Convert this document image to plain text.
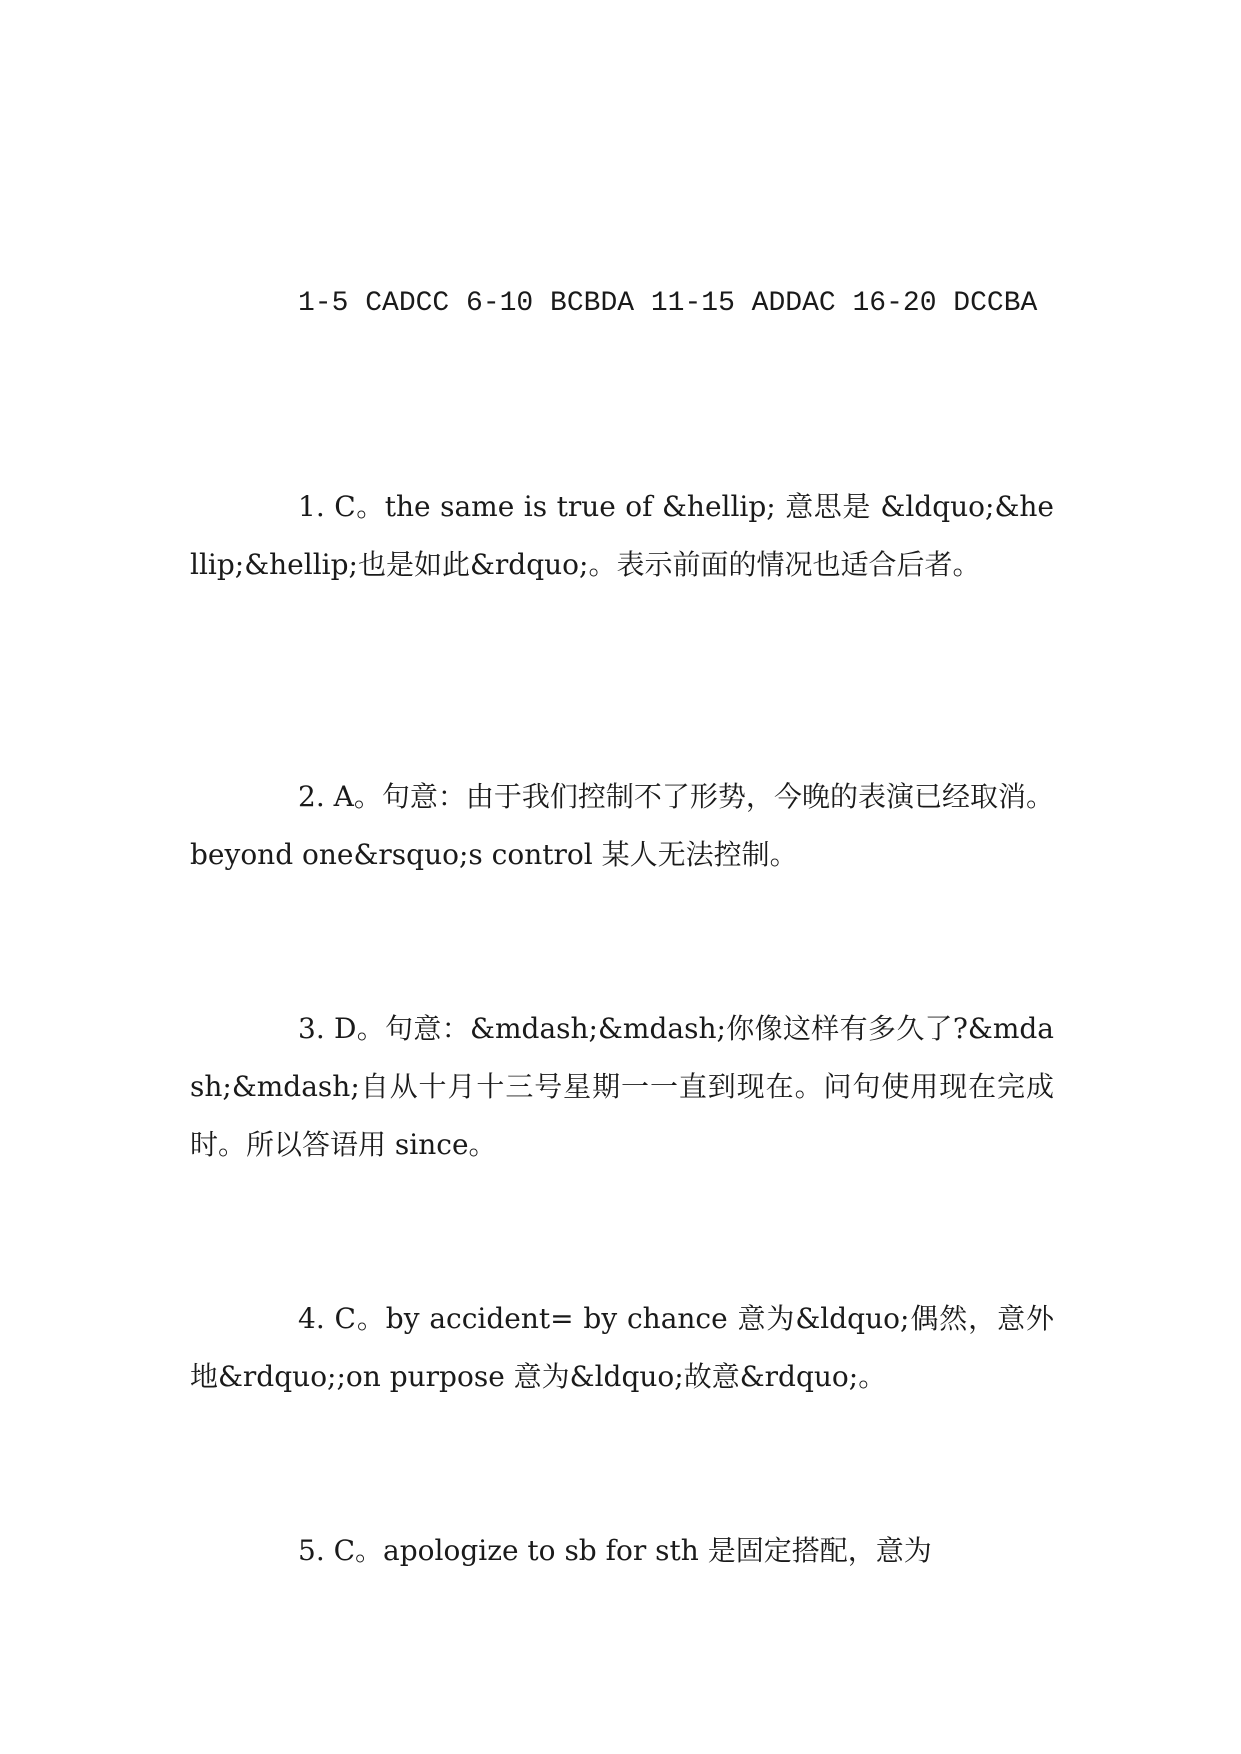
1-5 CADCC 6-10 BCBDA 11-15 ADDAC 16-20 DCCBA

1. C。the same is true of &hellip; 意思是 &ldquo;&hellip;&hellip;也是如此&rdquo;。表示前面的情况也适合后者。

2. A。句意：由于我们控制不了形势，今晚的表演已经取消。 beyond one&rsquo;s control 某人无法控制。

3. D。句意：&mdash;&mdash;你像这样有多久了?&mdash;&mdash;自从十月十三号星期一一直到现在。问句使用现在完成时。所以答语用 since。

4. C。by accident= by chance 意为&ldquo;偶然，意外地&rdquo;;on purpose 意为&ldquo;故意&rdquo;。

5. C。apologize to sb for sth 是固定搭配，意为
